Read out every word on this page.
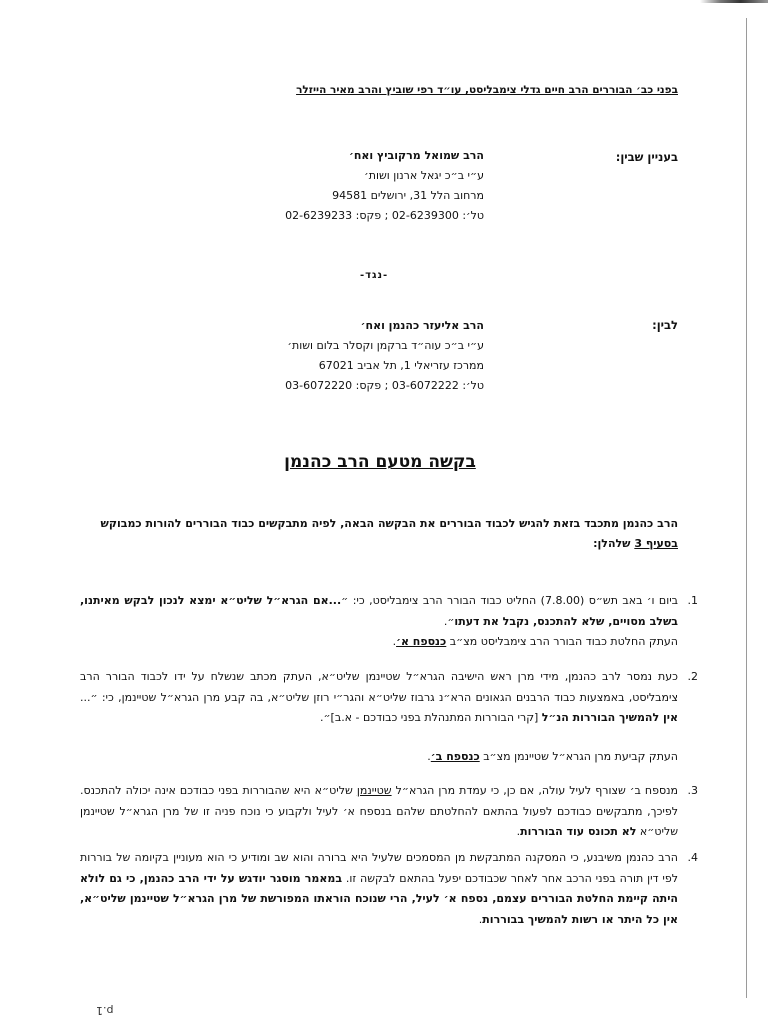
בפני כב׳ הבוררים הרב חיים גדלי צימבליסט, עו״ד רפי שוביץ והרב מאיר הייזלר
בעניין שבין:
הרב שמואל מרקוביץ ואח׳
ע״י ב״כ יגאל ארנון ושות׳
מרחוב הלל 31, ירושלים 94581
טל׳: 02-6239300 ; פקס: 02-6239233
-נגד-
לבין:
הרב אליעזר כהנמן ואח׳
ע״י ב״כ עוה״ד ברקמן וקסלר בלום ושות׳
ממרכז עזריאלי 1, תל אביב 67021
טל׳: 03-6072222 ; פקס: 03-6072220
בקשה מטעם הרב כהנמן
הרב כהנמן מתכבד בזאת להגיש לכבוד הבוררים את הבקשה הבאה, לפיה מתבקשים כבוד הבוררים להורות כמבוקש בסעיף 3 שלהלן:
1.

ביום ו׳ באב תש״ס (7.8.00) החליט כבוד הבורר הרב צימבליסט, כי: ״...אם הגרא״ל שליט״א ימצא לנכון לבקש מאיתנו, בשלב מסויים, שלא להתכנס, נקבל את דעתו״.

העתק החלטת כבוד הבורר הרב צימבליסט מצ״ב כנספח א׳.
2.

כעת נמסר לרב כהנמן, מידי מרן ראש הישיבה הגרא״ל שטיינמן שליט״א, העתק מכתב שנשלח על ידו לכבוד הבורר הרב צימבליסט, באמצעות כבוד הרבנים הגאונים הרא״נ גרבוז שליט״א והגר״י רוזן שליט״א, בה קבע מרן הגרא״ל שטיינמן, כי: ״... אין להמשיך הבוררות הנ״ל [קרי הבוררות המתנהלת בפני כבודכם - א.ב]״.

העתק קביעת מרן הגרא״ל שטיינמן מצ״ב כנספח ב׳.
3.

מנספח ב׳ שצורף לעיל עולה, אם כן, כי עמדת מרן הגרא״ל שטיינמן שליט״א היא שהבוררות בפני כבודכם אינה יכולה להתכנס. לפיכך, מתבקשים כבודכם לפעול בהתאם להחלטתם שלהם בנספח א׳ לעיל ולקבוע כי נוכח פניה זו של מרן הגרא״ל שטיינמן שליט״א לא תכונס עוד הבוררות.

4.

הרב כהנמן משיבנע, כי המסקנה המתבקשת מן המסמכים שלעיל היא ברורה והוא שב ומודיע כי הוא מעוניין בקיומה של בוררות לפי דין תורה בפני הרכב אחר לאחר שכבודכם יפעל בהתאם לבקשה זו. במאמר מוסגר יודגש על ידי הרב כהנמן, כי גם לולא היתה קיימת החלטת הבוררים עצמם, נספח א׳ לעיל, הרי שנוכח הוראתו המפורשת של מרן הגרא״ל שטיינמן שליט״א, אין כל היתר או רשות להמשיך בבוררות.

p.1
